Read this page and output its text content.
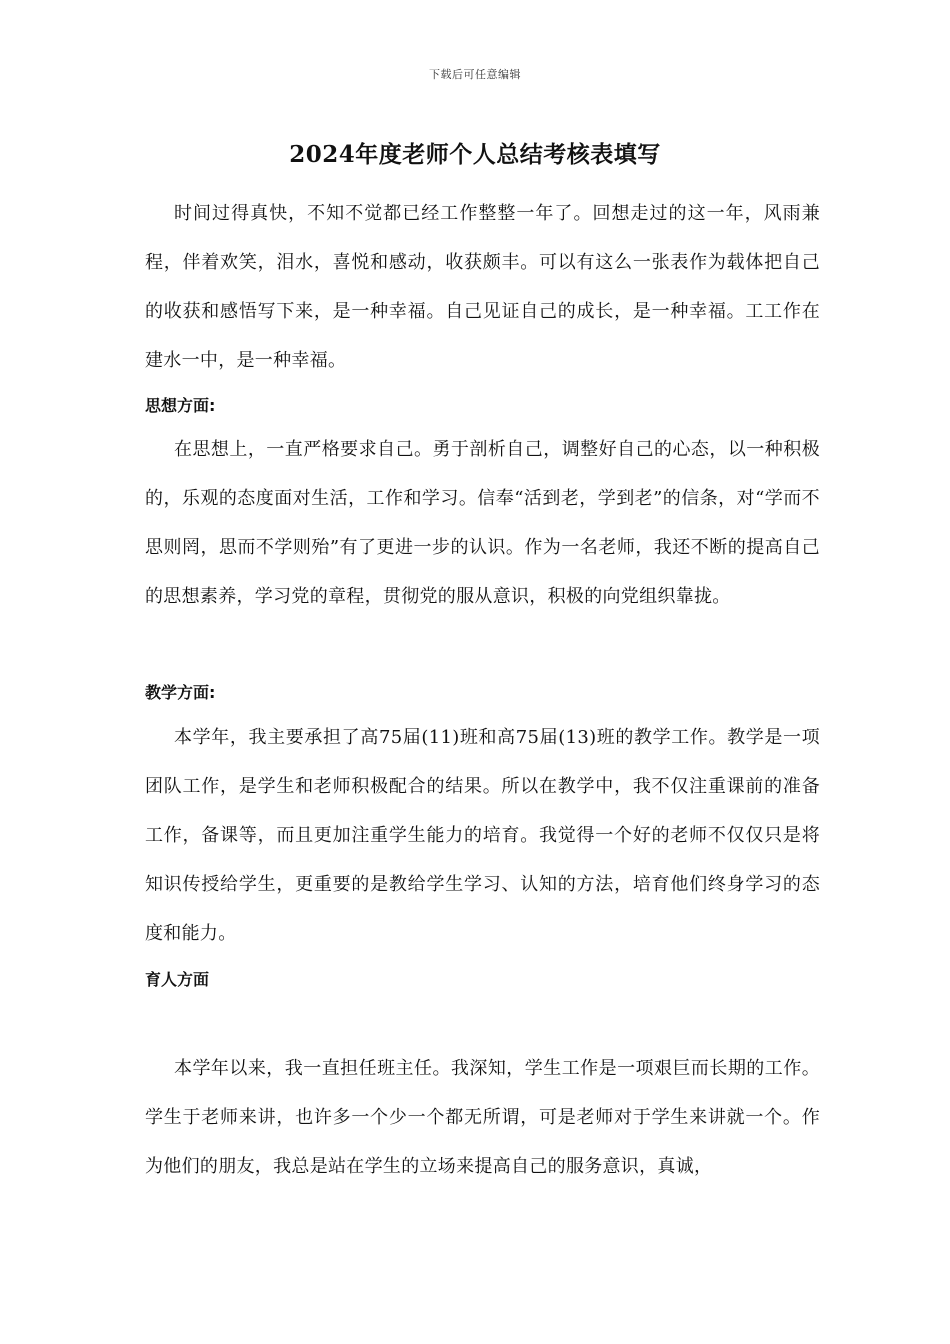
下载后可任意编辑
2024年度老师个人总结考核表填写

时间过得真快，不知不觉都已经工作整整一年了。回想走过的这一年，风雨兼程，伴着欢笑，泪水，喜悦和感动，收获颇丰。可以有这么一张表作为载体把自己的收获和感悟写下来，是一种幸福。自己见证自己的成长，是一种幸福。工工作在建水一中，是一种幸福。

思想方面:

在思想上，一直严格要求自己。勇于剖析自己，调整好自己的心态，以一种积极的，乐观的态度面对生活，工作和学习。信奉“活到老，学到老”的信条，对“学而不思则罔，思而不学则殆”有了更进一步的认识。作为一名老师，我还不断的提高自己的思想素养，学习党的章程，贯彻党的服从意识，积极的向党组织靠拢。

教学方面:

本学年，我主要承担了高75届(11)班和高75届(13)班的教学工作。教学是一项团队工作，是学生和老师积极配合的结果。所以在教学中，我不仅注重课前的准备工作，备课等，而且更加注重学生能力的培育。我觉得一个好的老师不仅仅只是将知识传授给学生，更重要的是教给学生学习、认知的方法，培育他们终身学习的态度和能力。

育人方面

本学年以来，我一直担任班主任。我深知，学生工作是一项艰巨而长期的工作。学生于老师来讲，也许多一个少一个都无所谓，可是老师对于学生来讲就一个。作为他们的朋友，我总是站在学生的立场来提高自己的服务意识，真诚，
